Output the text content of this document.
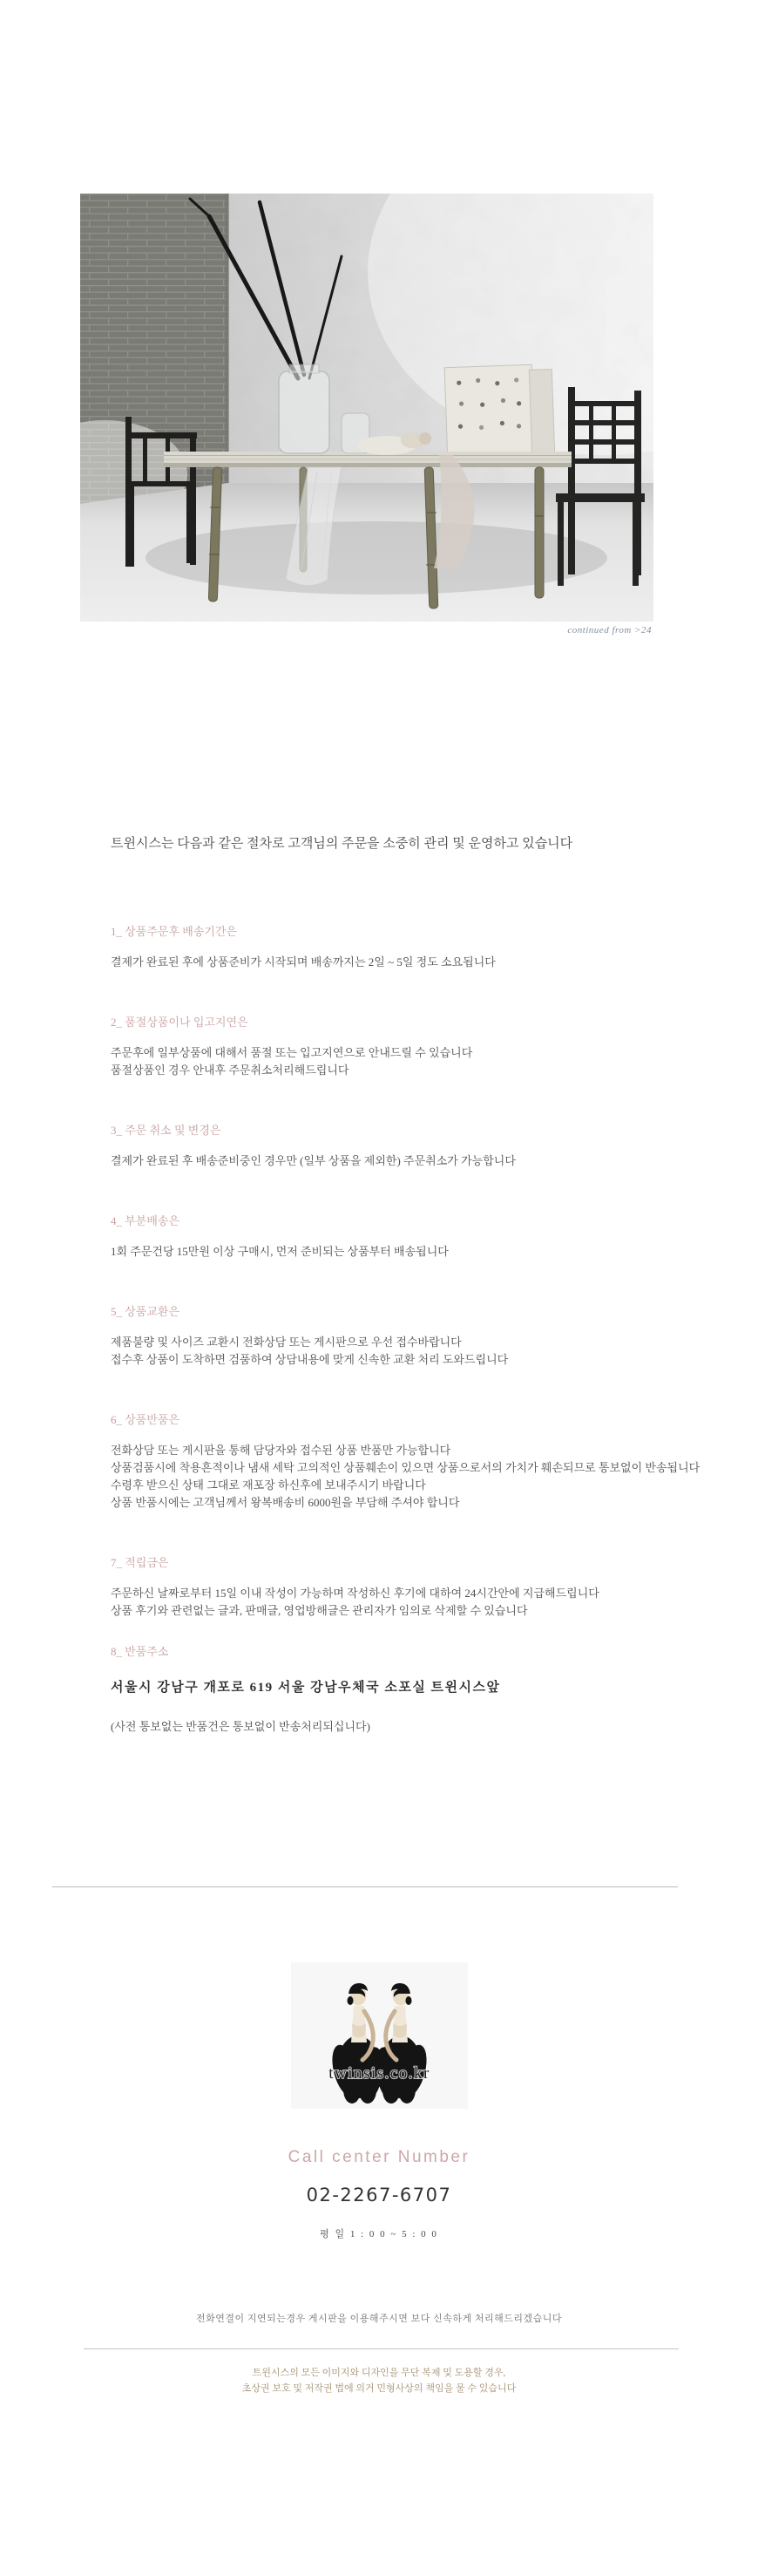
continued from >24
트윈시스는 다음과 같은 절차로 고객님의 주문을 소중히 관리 및 운영하고 있습니다
1_ 상품주문후 배송기간은
결제가 완료된 후에 상품준비가 시작되며 배송까지는 2일 ~ 5일 정도 소요됩니다
2_ 품절상품이나 입고지연은
주문후에 일부상품에 대해서 품절 또는 입고지연으로 안내드릴 수 있습니다
품절상품인 경우 안내후 주문취소처리해드립니다
3_ 주문 취소 및 변경은
결제가 완료된 후 배송준비중인 경우만 (일부 상품을 제외한) 주문취소가 가능합니다
4_ 부분배송은
1회 주문건당 15만원 이상 구매시, 먼저 준비되는 상품부터 배송됩니다
5_ 상품교환은
제품불량 및 사이즈 교환시 전화상담 또는 게시판으로 우선 접수바랍니다
접수후 상품이 도착하면 검품하여 상담내용에 맞게 신속한 교환 처리 도와드립니다
6_ 상품반품은
전화상담 또는 게시판을 통해 담당자와 접수된 상품 반품만 가능합니다
상품검품시에 착용흔적이나 냄새 세탁 고의적인 상품훼손이 있으면 상품으로서의 가치가 훼손되므로 통보없이 반송됩니다
수령후 받으신 상태 그대로 재포장 하신후에 보내주시기 바랍니다
상품 반품시에는 고객님께서 왕복배송비 6000원을 부담해 주셔야 합니다
7_ 적립금은
주문하신 날짜로부터 15일 이내 작성이 가능하며 작성하신 후기에 대하여 24시간안에 지급해드립니다
상품 후기와 관련없는 글과, 판매글, 영업방해글은 관리자가 임의로 삭제할 수 있습니다
8_ 반품주소
서울시 강남구 개포로 619 서울 강남우체국 소포실 트윈시스앞
(사전 통보없는 반품건은 통보없이 반송처리되십니다)
twinsis.co.kr
Call center Number
02-2267-6707
평 일 1 : 0 0 ~ 5 : 0 0
전화연결이 지연되는경우 게시판을 이용해주시면 보다 신속하게 처리해드리겠습니다
트윈시스의 모든 이미지와 디자인을 무단 복제 및 도용할 경우,
초상권 보호 및 저작권 법에 의거 민형사상의 책임을 물 수 있습니다
